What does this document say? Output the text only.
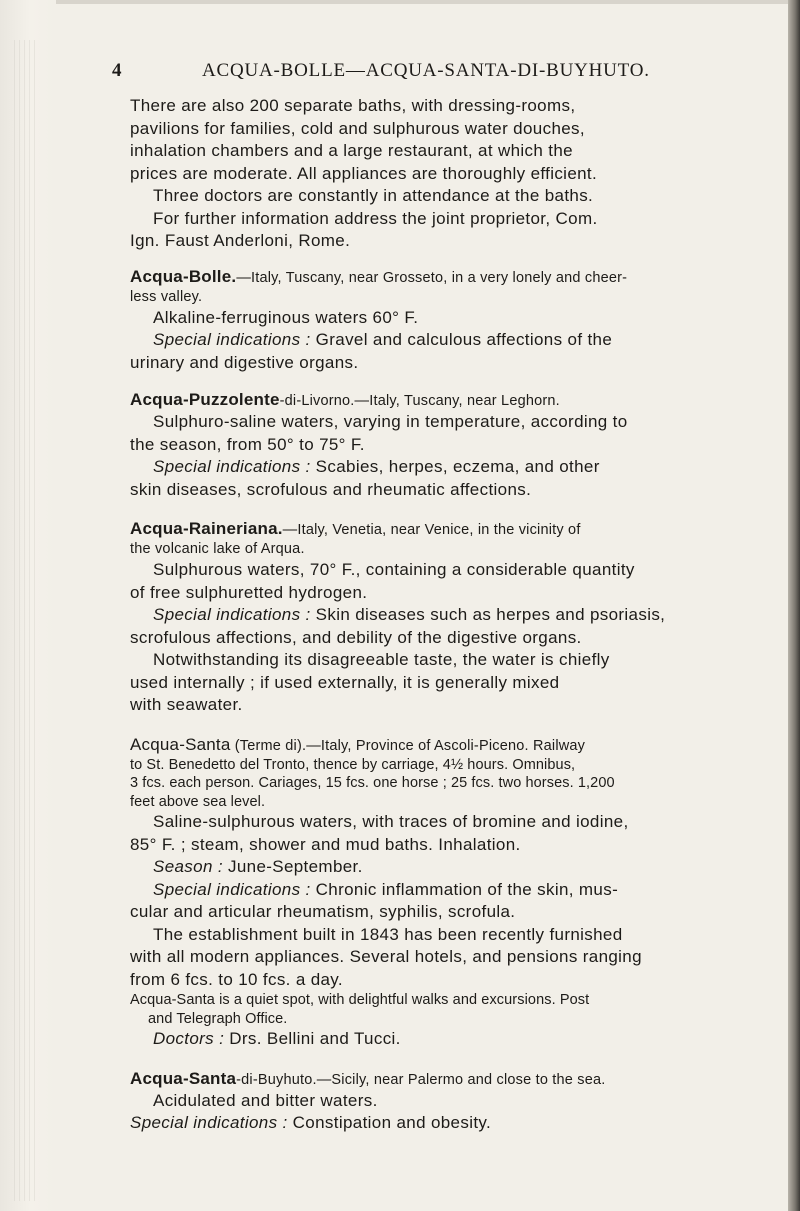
4	ACQUA-BOLLE—ACQUA-SANTA-DI-BUYHUTO.
There are also 200 separate baths, with dressing-rooms,
pavilions for families, cold and sulphurous water douches,
inhalation chambers and a large restaurant, at which the
prices are moderate. All appliances are thoroughly efficient.
Three doctors are constantly in attendance at the baths.
For further information address the joint proprietor, Com.
Ign. Faust Anderloni, Rome.
Acqua-Bolle.—Italy, Tuscany, near Grosseto, in a very lonely and cheer-
less valley.
Alkaline-ferruginous waters 60° F.
Special indications : Gravel and calculous affections of the
urinary and digestive organs.
Acqua-Puzzolente-di-Livorno.—Italy, Tuscany, near Leghorn.
Sulphuro-saline waters, varying in temperature, according to
the season, from 50° to 75° F.
Special indications : Scabies, herpes, eczema, and other
skin diseases, scrofulous and rheumatic affections.
Acqua-Raineriana.—Italy, Venetia, near Venice, in the vicinity of
the volcanic lake of Arqua.
Sulphurous waters, 70° F., containing a considerable quantity
of free sulphuretted hydrogen.
Special indications : Skin diseases such as herpes and psoriasis,
scrofulous affections, and debility of the digestive organs.
Notwithstanding its disagreeable taste, the water is chiefly
used internally ; if used externally, it is generally mixed
with seawater.
Acqua-Santa (Terme di).—Italy, Province of Ascoli-Piceno. Railway
to St. Benedetto del Tronto, thence by carriage, 4½ hours. Omnibus,
3 fcs. each person. Cariages, 15 fcs. one horse ; 25 fcs. two horses. 1,200
feet above sea level.
Saline-sulphurous waters, with traces of bromine and iodine,
85° F. ; steam, shower and mud baths. Inhalation.
Season : June-September.
Special indications : Chronic inflammation of the skin, mus-
cular and articular rheumatism, syphilis, scrofula.
The establishment built in 1843 has been recently furnished
with all modern appliances. Several hotels, and pensions ranging
from 6 fcs. to 10 fcs. a day.
Acqua-Santa is a quiet spot, with delightful walks and excursions. Post
and Telegraph Office.
Doctors : Drs. Bellini and Tucci.
Acqua-Santa-di-Buyhuto.—Sicily, near Palermo and close to the sea.
Acidulated and bitter waters.
Special indications : Constipation and obesity.
